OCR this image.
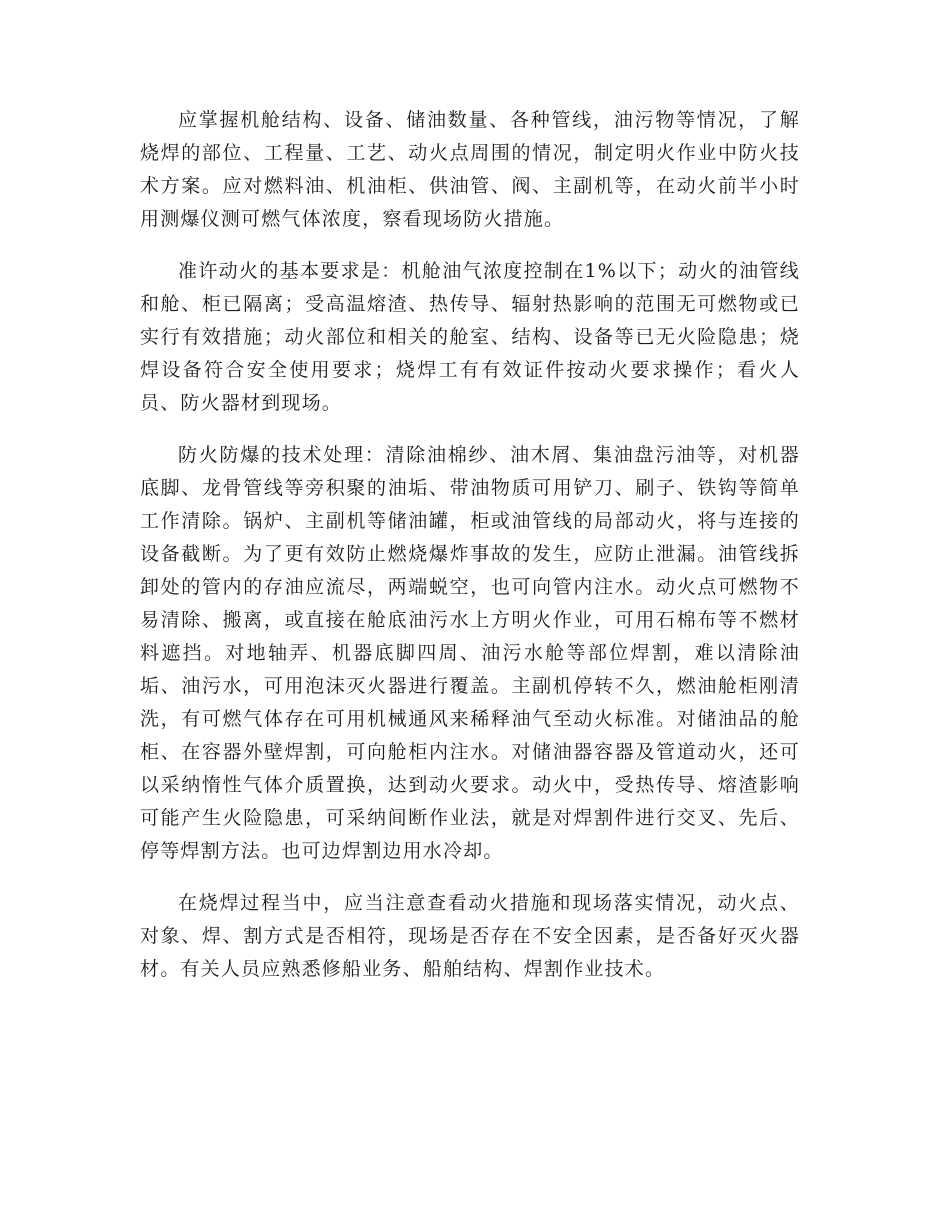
应掌握机舱结构、设备、储油数量、各种管线，油污物等情况，了解烧焊的部位、工程量、工艺、动火点周围的情况，制定明火作业中防火技术方案。应对燃料油、机油柜、供油管、阀、主副机等，在动火前半小时用测爆仪测可燃气体浓度，察看现场防火措施。

准许动火的基本要求是：机舱油气浓度控制在1%以下；动火的油管线和舱、柜已隔离；受高温熔渣、热传导、辐射热影响的范围无可燃物或已实行有效措施；动火部位和相关的舱室、结构、设备等已无火险隐患；烧焊设备符合安全使用要求；烧焊工有有效证件按动火要求操作；看火人员、防火器材到现场。

防火防爆的技术处理：清除油棉纱、油木屑、集油盘污油等，对机器底脚、龙骨管线等旁积聚的油垢、带油物质可用铲刀、刷子、铁钩等简单工作清除。锅炉、主副机等储油罐，柜或油管线的局部动火，将与连接的设备截断。为了更有效防止燃烧爆炸事故的发生，应防止泄漏。油管线拆卸处的管内的存油应流尽，两端蜕空，也可向管内注水。动火点可燃物不易清除、搬离，或直接在舱底油污水上方明火作业，可用石棉布等不燃材料遮挡。对地轴弄、机器底脚四周、油污水舱等部位焊割，难以清除油垢、油污水，可用泡沫灭火器进行覆盖。主副机停转不久，燃油舱柜刚清洗，有可燃气体存在可用机械通风来稀释油气至动火标准。对储油品的舱柜、在容器外壁焊割，可向舱柜内注水。对储油器容器及管道动火，还可以采纳惰性气体介质置换，达到动火要求。动火中，受热传导、熔渣影响可能产生火险隐患，可采纳间断作业法，就是对焊割件进行交叉、先后、停等焊割方法。也可边焊割边用水冷却。

在烧焊过程当中，应当注意查看动火措施和现场落实情况，动火点、对象、焊、割方式是否相符，现场是否存在不安全因素，是否备好灭火器材。有关人员应熟悉修船业务、船舶结构、焊割作业技术。
